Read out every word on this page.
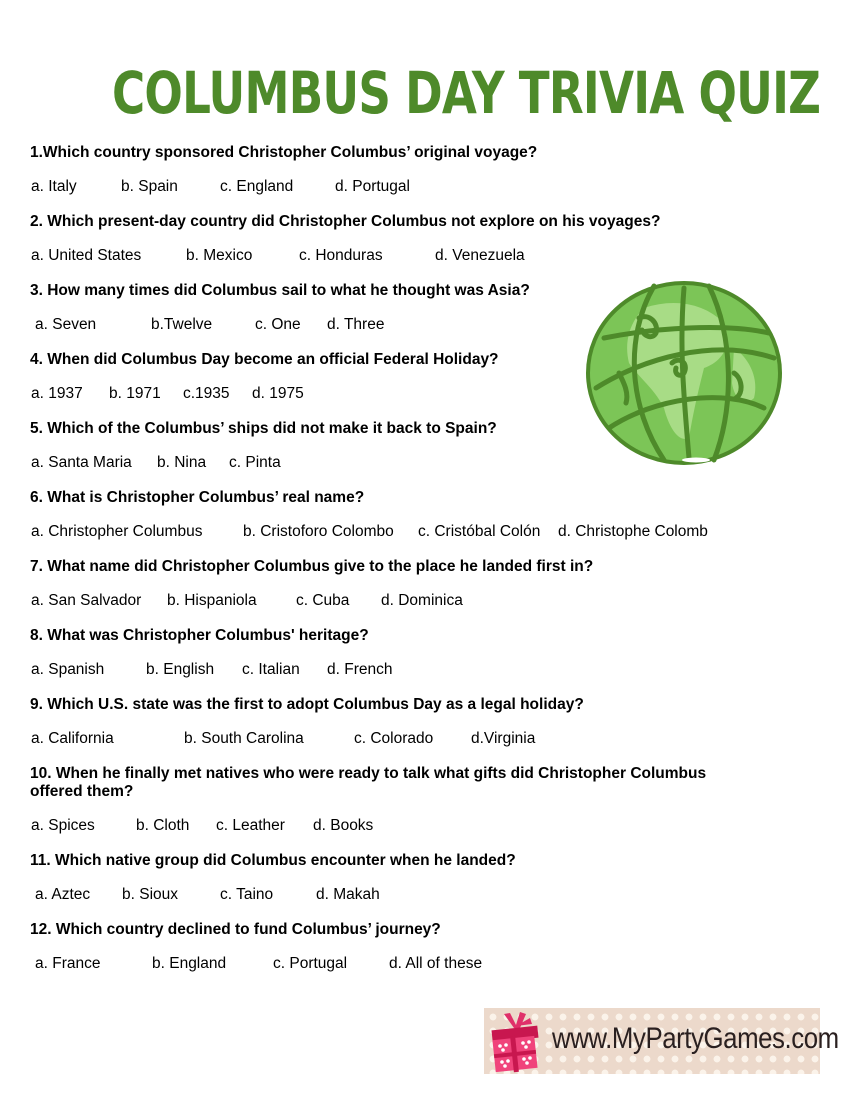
COLUMBUS DAY TRIVIA QUIZ
1.Which country sponsored Christopher Columbus’ original voyage?
a. Italy	b. Spain	c. England	d. Portugal
2. Which present-day country did Christopher Columbus not explore on his voyages?
a. United States	b. Mexico	c. Honduras	d. Venezuela
3. How many times did Columbus sail to what he thought was Asia?
a. Seven	b.Twelve	c. One d. Three
4. When did Columbus Day become an official Federal Holiday?
a. 1937 b. 1971 c.1935 d. 1975
5. Which of the Columbus’ ships did not make it back to Spain?
a. Santa Maria b. Nina c. Pinta
6. What is Christopher Columbus’ real name?
a. Christopher Columbus	b. Cristoforo Colombo c. Cristóbal Colón d. Christophe Colomb
7. What name did Christopher Columbus give to the place he landed first in?
a. San Salvador b. Hispaniola	c. Cuba d. Dominica
8. What was Christopher Columbus' heritage?
a. Spanish	b. English c. Italian d. French
9. Which U.S. state was the first to adopt Columbus Day as a legal holiday?
a. California	b. South Carolina	c. Colorado d.Virginia
10. When he finally met natives who were ready to talk what gifts did Christopher Columbus
offered them?
a. Spices	b. Cloth c. Leather d. Books
11. Which native group did Columbus encounter when he landed?
a. Aztec b. Sioux	c. Taino	d. Makah
12. Which country declined to fund Columbus’ journey?
a. France	b. England	c. Portugal	d. All of these
www.MyPartyGames.com
